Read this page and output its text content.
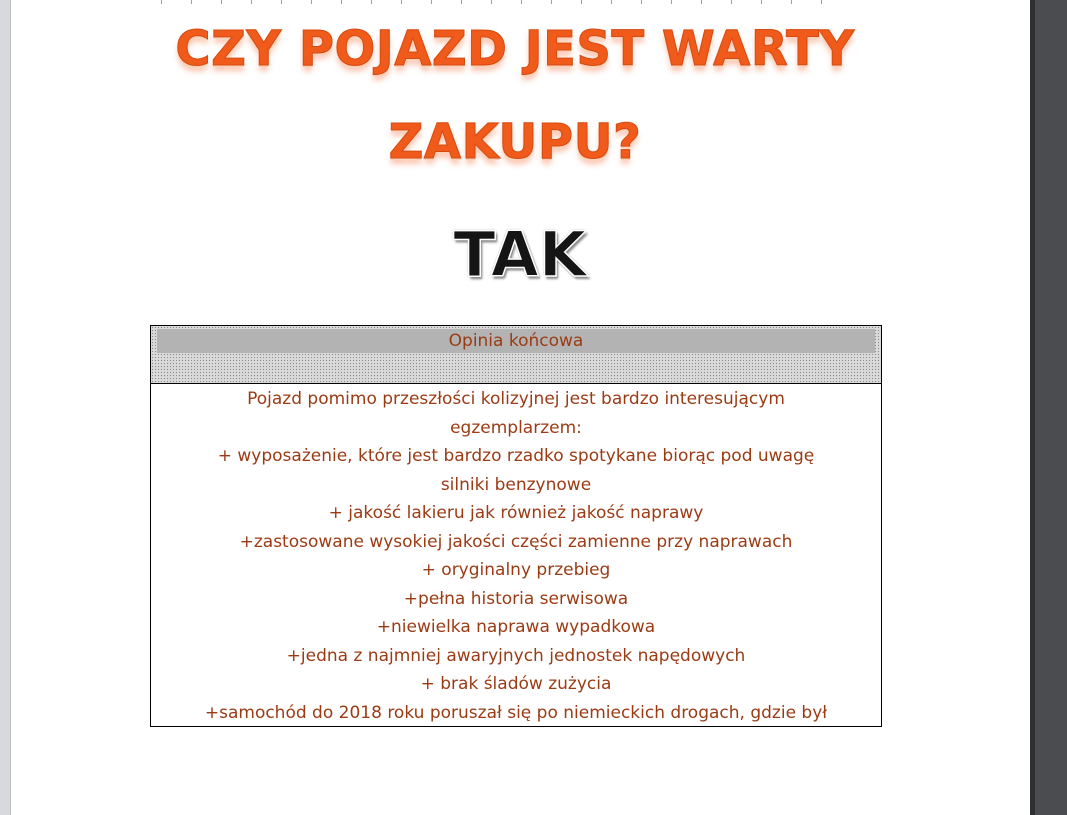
CZY POJAZD JEST WARTY
ZAKUPU?
TAK
Opinia końcowa

Pojazd pomimo przeszłości kolizyjnej jest bardzo interesującym

egzemplarzem:

+ wyposażenie, które jest bardzo rzadko spotykane biorąc pod uwagę

silniki benzynowe

+ jakość lakieru jak również jakość naprawy

+zastosowane wysokiej jakości części zamienne przy naprawach

+ oryginalny przebieg

+pełna historia serwisowa

+niewielka naprawa wypadkowa

+jedna z najmniej awaryjnych jednostek napędowych

+ brak śladów zużycia

+samochód do 2018 roku poruszał się po niemieckich drogach, gdzie był
